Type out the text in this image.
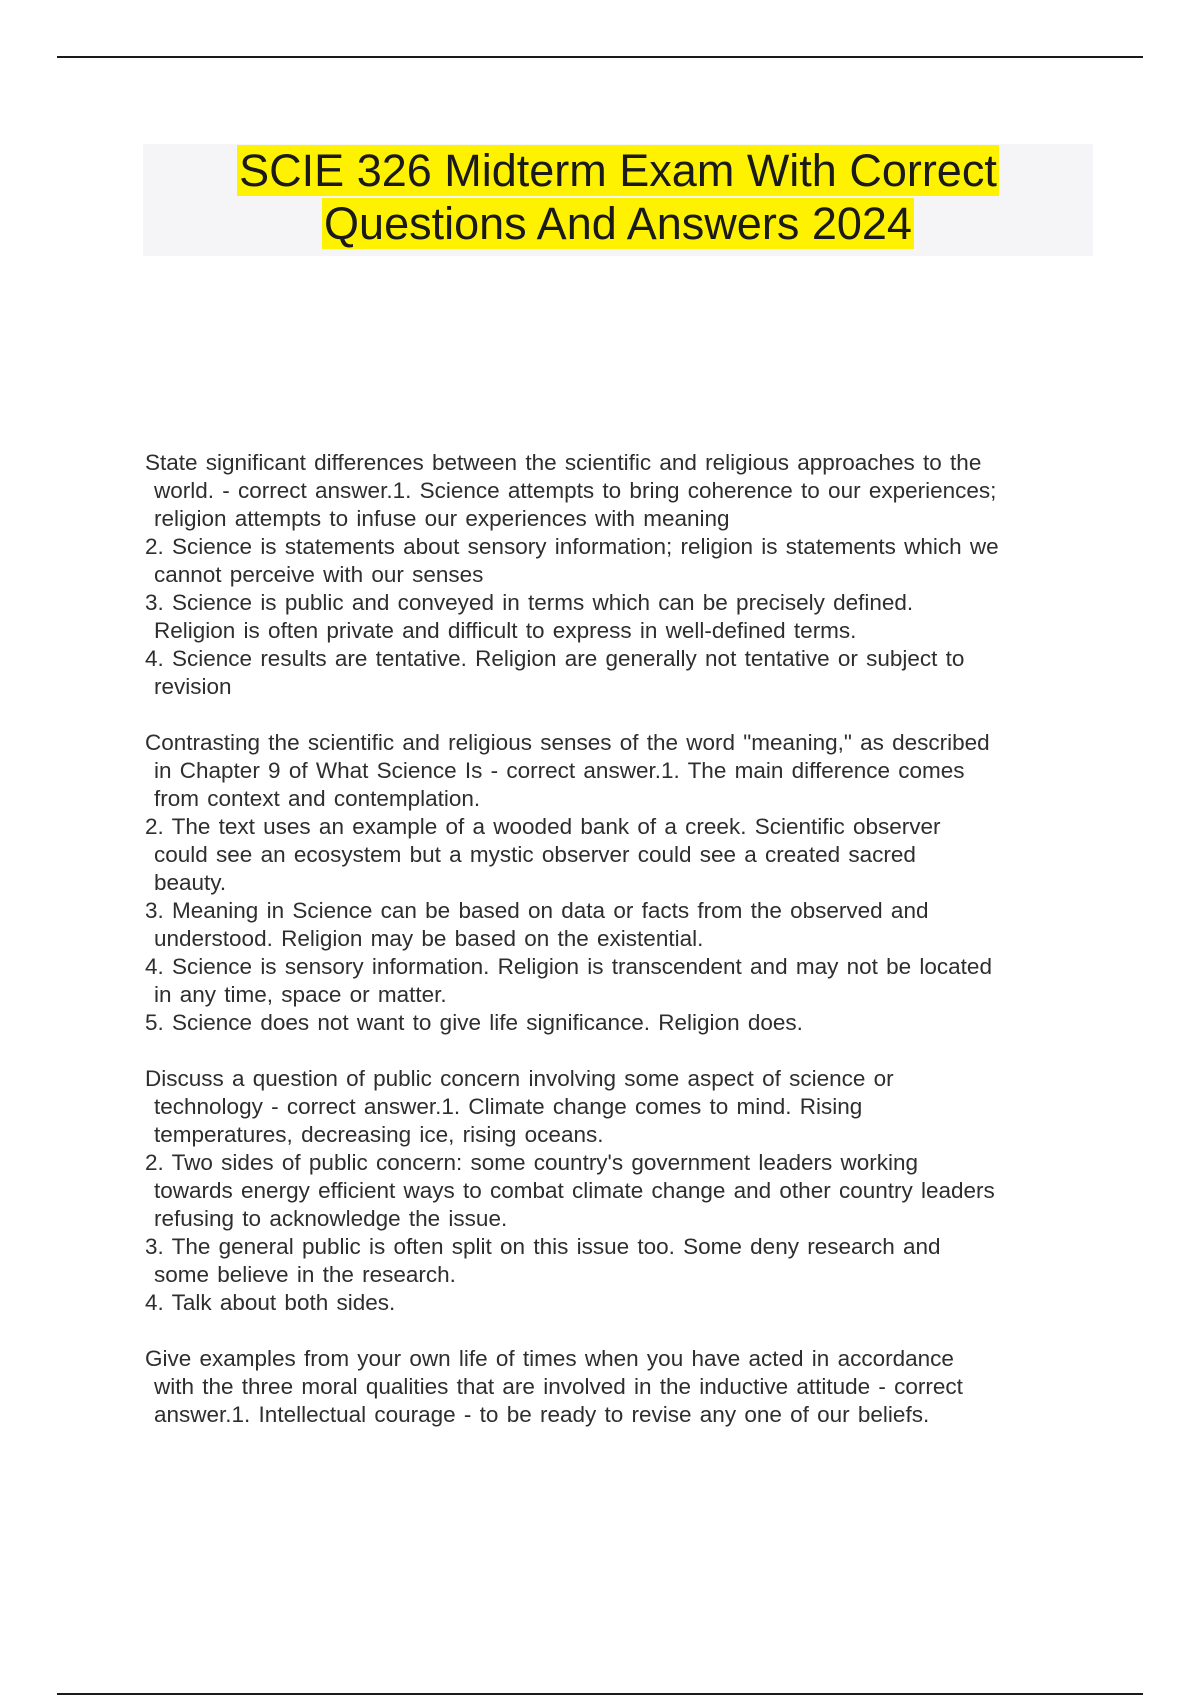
SCIE 326 Midterm Exam With Correct
Questions And Answers 2024
State significant differences between the scientific and religious approaches to the
world. - correct answer.1. Science attempts to bring coherence to our experiences;
religion attempts to infuse our experiences with meaning
2. Science is statements about sensory information; religion is statements which we
cannot perceive with our senses
3. Science is public and conveyed in terms which can be precisely defined.
Religion is often private and difficult to express in well-defined terms.
4. Science results are tentative. Religion are generally not tentative or subject to
revision
Contrasting the scientific and religious senses of the word "meaning," as described
in Chapter 9 of What Science Is - correct answer.1. The main difference comes
from context and contemplation.
2. The text uses an example of a wooded bank of a creek. Scientific observer
could see an ecosystem but a mystic observer could see a created sacred
beauty.
3. Meaning in Science can be based on data or facts from the observed and
understood. Religion may be based on the existential.
4. Science is sensory information. Religion is transcendent and may not be located
in any time, space or matter.
5. Science does not want to give life significance. Religion does.
Discuss a question of public concern involving some aspect of science or
technology - correct answer.1. Climate change comes to mind. Rising
temperatures, decreasing ice, rising oceans.
2. Two sides of public concern: some country's government leaders working
towards energy efficient ways to combat climate change and other country leaders
refusing to acknowledge the issue.
3. The general public is often split on this issue too. Some deny research and
some believe in the research.
4. Talk about both sides.
Give examples from your own life of times when you have acted in accordance
with the three moral qualities that are involved in the inductive attitude - correct
answer.1. Intellectual courage - to be ready to revise any one of our beliefs.
